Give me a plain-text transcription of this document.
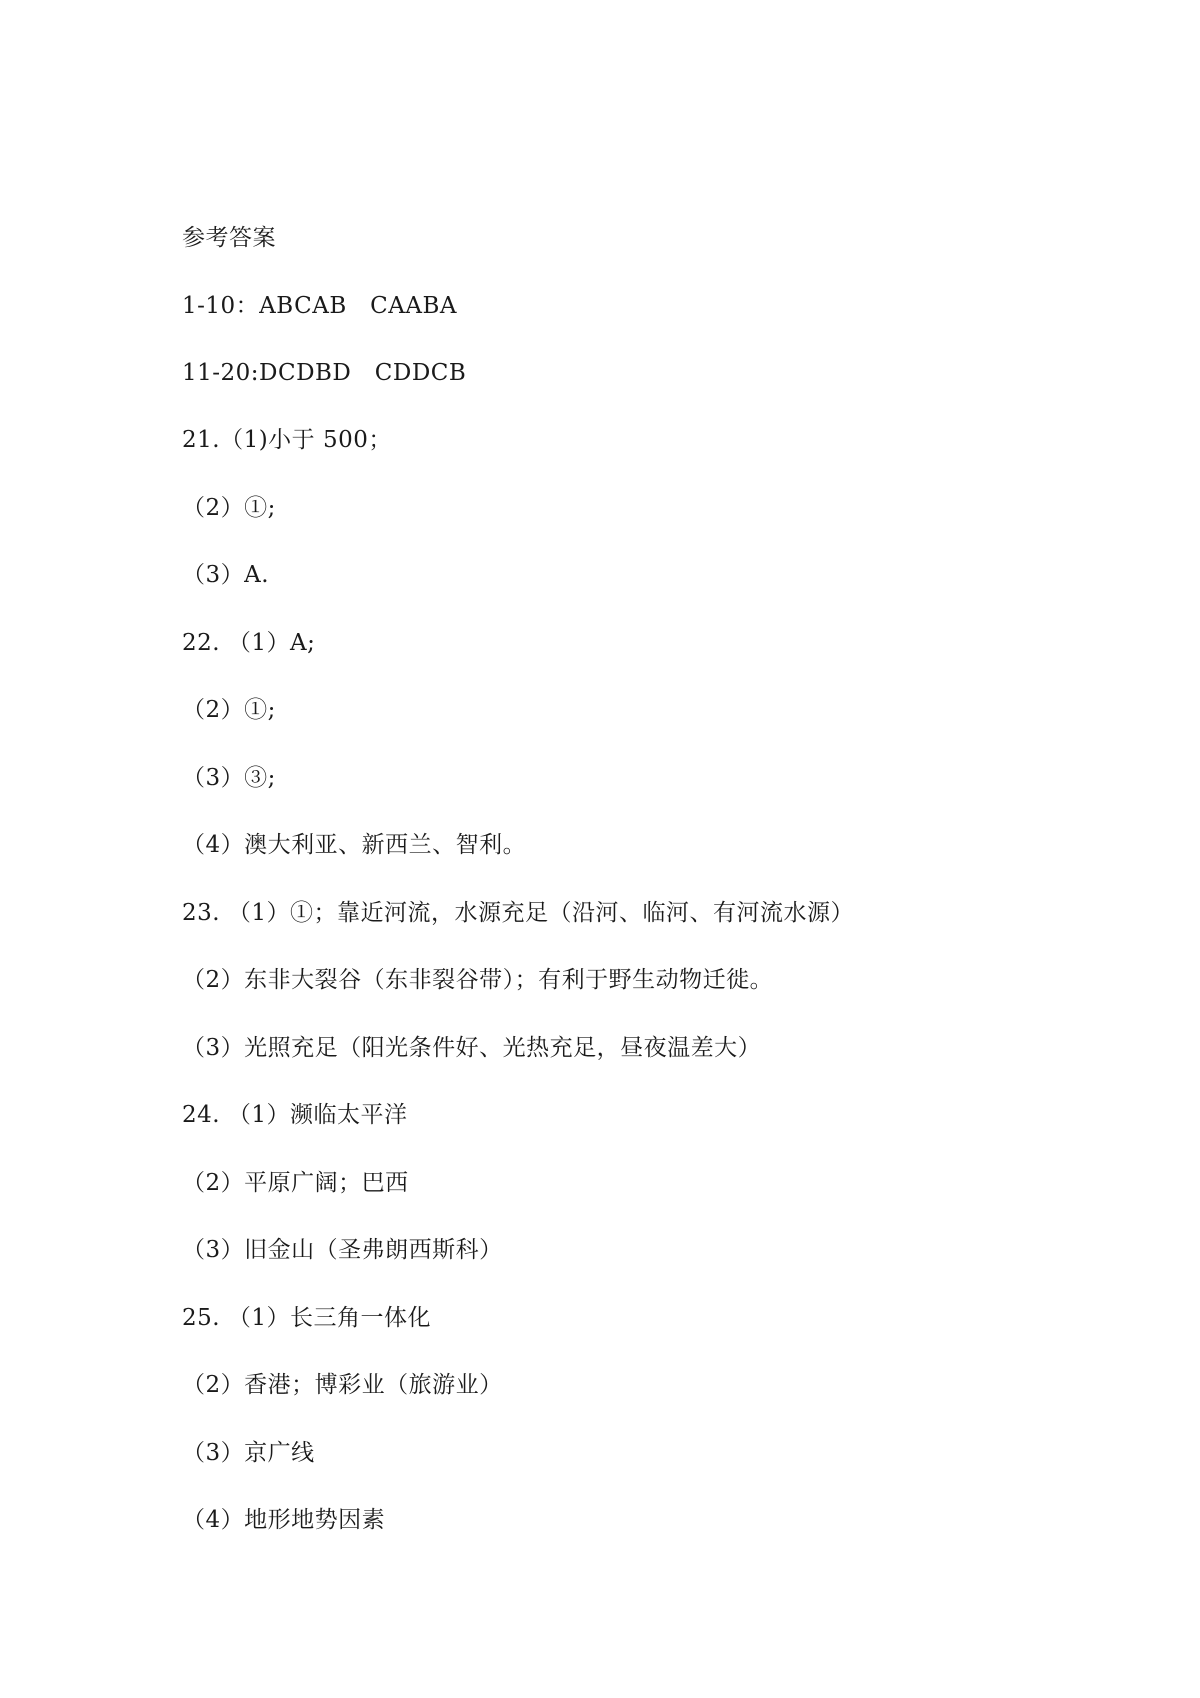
参考答案
1-10：ABCAB   CAABA
11-20:DCDBD   CDDCB
21.（1)小于 500；
（2）①;
（3）A.
22. （1）A;
（2）①;
（3）③;
（4）澳大利亚、新西兰、智利。
23. （1）①；靠近河流，水源充足（沿河、临河、有河流水源）
（2）东非大裂谷（东非裂谷带）；有利于野生动物迁徙。
（3）光照充足（阳光条件好、光热充足，昼夜温差大）
24. （1）濒临太平洋
（2）平原广阔；巴西
（3）旧金山（圣弗朗西斯科）
25. （1）长三角一体化
（2）香港；博彩业（旅游业）
（3）京广线
（4）地形地势因素
